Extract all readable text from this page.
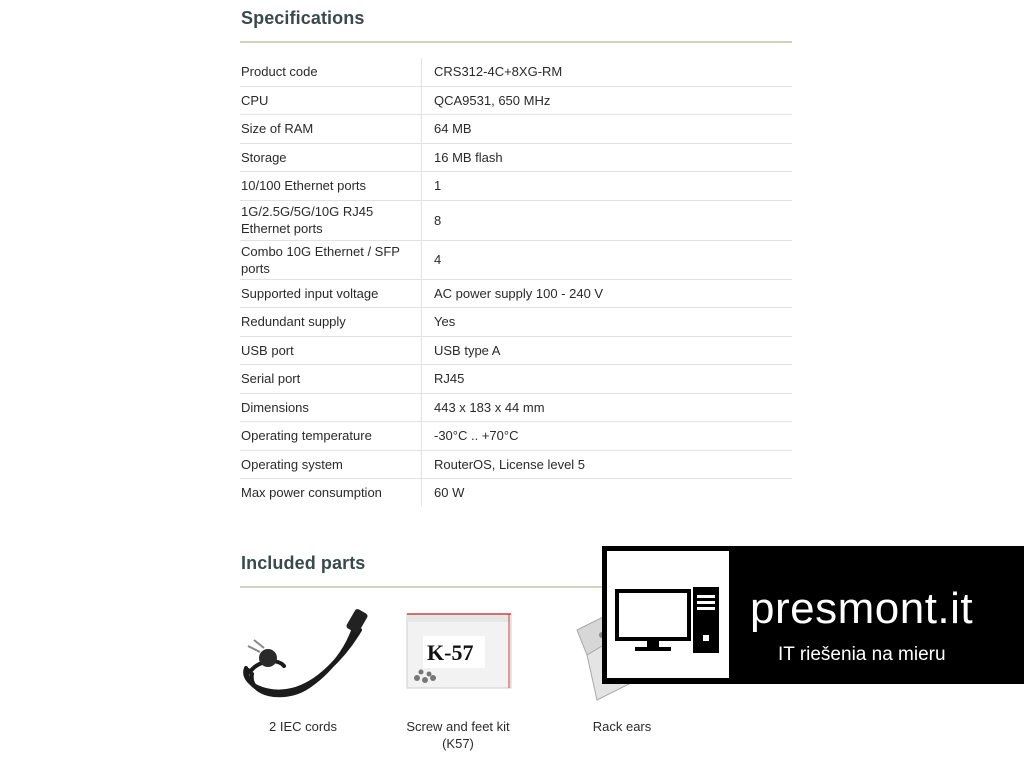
Specifications
Product code	CRS312-4C+8XG-RM
CPU	QCA9531, 650 MHz
Size of RAM	64 MB
Storage	16 MB flash
10/100 Ethernet ports	1
1G/2.5G/5G/10G RJ45 Ethernet ports	8
Combo 10G Ethernet / SFP ports	4
Supported input voltage	AC power supply 100 - 240 V
Redundant supply	Yes
USB port	USB type A
Serial port	RJ45
Dimensions	443 x 183 x 44 mm
Operating temperature	-30°C .. +70°C
Operating system	RouterOS, License level 5
Max power consumption	60 W
Included parts
2 IEC cords
K-57
Screw and feet kit (K57)
Rack ears
presmont.it
IT riešenia na mieru
